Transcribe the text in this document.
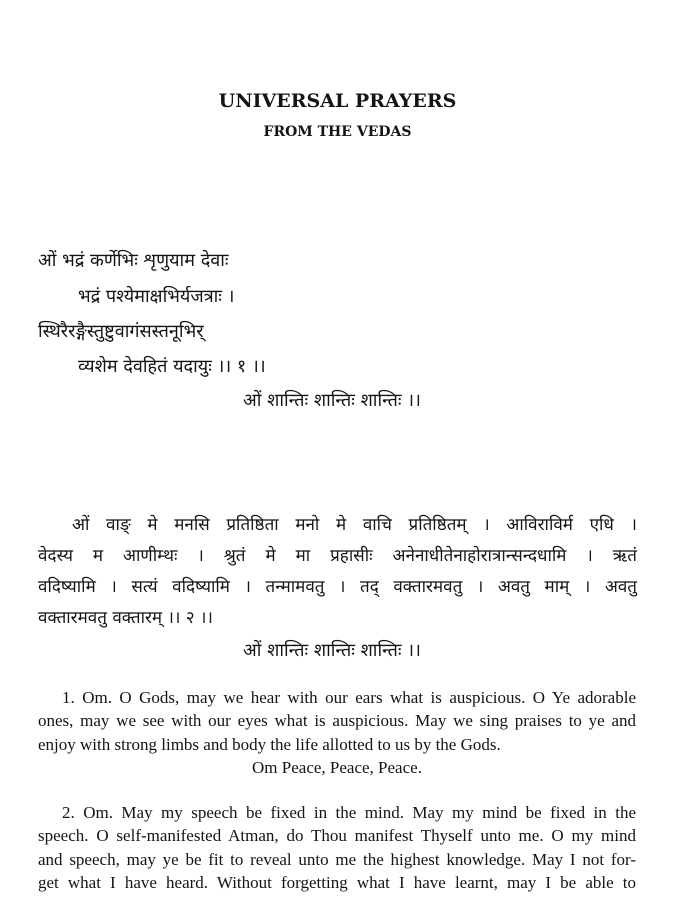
UNIVERSAL PRAYERS
FROM THE VEDAS
ओं भद्रं कर्णेभिः शृणुयाम देवाः
भद्रं पश्येमाक्षभिर्यजत्राः ।
स्थिरैरङ्गैस्तुष्टुवागंसस्तनूभिर्
व्यशेम देवहितं यदायुः ।। १ ।।
ओं शान्तिः शान्तिः शान्तिः ।।
ओं वाङ् मे मनसि प्रतिष्ठिता मनो मे वाचि प्रतिष्ठितम् । आविराविर्म एधि ।
वेदस्य म आणीम्थः । श्रुतं मे मा प्रहासीः अनेनाधीतेनाहोरात्रान्सन्दधामि । ऋतं
वदिष्यामि । सत्यं वदिष्यामि । तन्मामवतु । तद् वक्तारमवतु । अवतु माम् । अवतु
वक्तारमवतु वक्तारम् ।। २ ।।
ओं शान्तिः शान्तिः शान्तिः ।।
1. Om. O Gods, may we hear with our ears what is auspicious. O Ye adorable
ones, may we see with our eyes what is auspicious. May we sing praises to ye and
enjoy with strong limbs and body the life allotted to us by the Gods.
Om Peace, Peace, Peace.
2. Om. May my speech be fixed in the mind. May my mind be fixed in the
speech. O self-manifested Atman, do Thou manifest Thyself unto me. O my mind
and speech, may ye be fit to reveal unto me the highest knowledge. May I not for-
get what I have heard. Without forgetting what I have learnt, may I be able to
